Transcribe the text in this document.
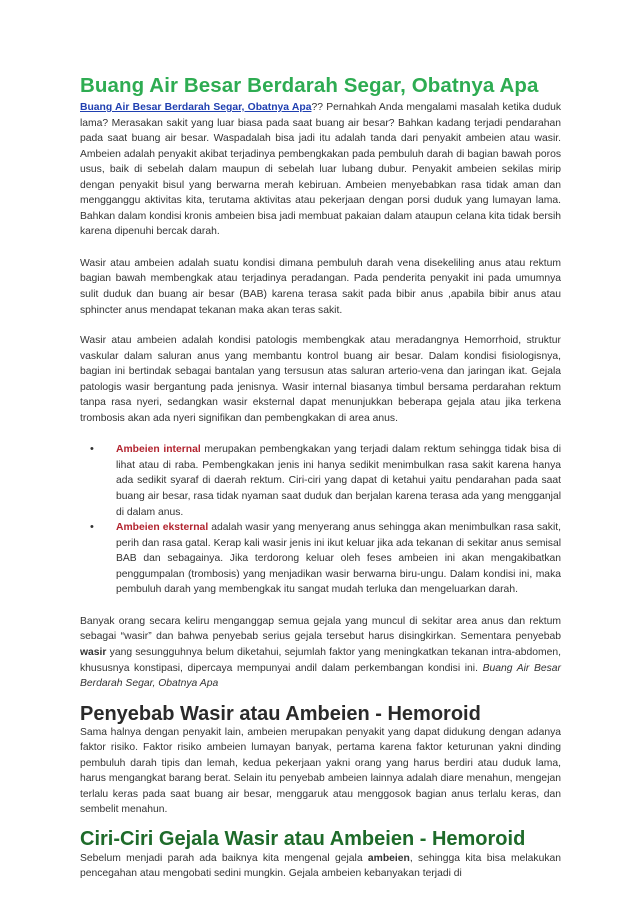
Buang Air Besar Berdarah Segar, Obatnya Apa

Buang Air Besar Berdarah Segar, Obatnya Apa?? Pernahkah Anda mengalami masalah ketika duduk lama? Merasakan sakit yang luar biasa pada saat buang air besar? Bahkan kadang terjadi pendarahan pada saat buang air besar. Waspadalah bisa jadi itu adalah tanda dari penyakit ambeien atau wasir. Ambeien adalah penyakit akibat terjadinya pembengkakan pada pembuluh darah di bagian bawah poros usus, baik di sebelah dalam maupun di sebelah luar lubang dubur. Penyakit ambeien sekilas mirip dengan penyakit bisul yang berwarna merah kebiruan. Ambeien menyebabkan rasa tidak aman dan mengganggu aktivitas kita, terutama aktivitas atau pekerjaan dengan porsi duduk yang lumayan lama. Bahkan dalam kondisi kronis ambeien bisa jadi membuat pakaian dalam ataupun celana kita tidak bersih karena dipenuhi bercak darah.

Wasir atau ambeien adalah suatu kondisi dimana pembuluh darah vena disekeliling anus atau rektum bagian bawah membengkak atau terjadinya peradangan. Pada penderita penyakit ini pada umumnya sulit duduk dan buang air besar (BAB) karena terasa sakit pada bibir anus ,apabila bibir anus atau sphincter anus mendapat tekanan maka akan teras sakit.

Wasir atau ambeien adalah kondisi patologis membengkak atau meradangnya Hemorrhoid, struktur vaskular dalam saluran anus yang membantu kontrol buang air besar. Dalam kondisi fisiologisnya, bagian ini bertindak sebagai bantalan yang tersusun atas saluran arterio-vena dan jaringan ikat. Gejala patologis wasir bergantung pada jenisnya. Wasir internal biasanya timbul bersama perdarahan rektum tanpa rasa nyeri, sedangkan wasir eksternal dapat menunjukkan beberapa gejala atau jika terkena trombosis akan ada nyeri signifikan dan pembengkakan di area anus.

• Ambeien internal merupakan pembengkakan yang terjadi dalam rektum sehingga tidak bisa di lihat atau di raba. Pembengkakan jenis ini hanya sedikit menimbulkan rasa sakit karena hanya ada sedikit syaraf di daerah rektum. Ciri-ciri yang dapat di ketahui yaitu pendarahan pada saat buang air besar, rasa tidak nyaman saat duduk dan berjalan karena terasa ada yang mengganjal di dalam anus.
• Ambeien eksternal adalah wasir yang menyerang anus sehingga akan menimbulkan rasa sakit, perih dan rasa gatal. Kerap kali wasir jenis ini ikut keluar jika ada tekanan di sekitar anus semisal BAB dan sebagainya. Jika terdorong keluar oleh feses ambeien ini akan mengakibatkan penggumpalan (trombosis) yang menjadikan wasir berwarna biru-ungu. Dalam kondisi ini, maka pembuluh darah yang membengkak itu sangat mudah terluka dan mengeluarkan darah.

Banyak orang secara keliru menganggap semua gejala yang muncul di sekitar area anus dan rektum sebagai “wasir” dan bahwa penyebab serius gejala tersebut harus disingkirkan. Sementara penyebab wasir yang sesungguhnya belum diketahui, sejumlah faktor yang meningkatkan tekanan intra-abdomen, khususnya konstipasi, dipercaya mempunyai andil dalam perkembangan kondisi ini. Buang Air Besar Berdarah Segar, Obatnya Apa

Penyebab Wasir atau Ambeien - Hemoroid

Sama halnya dengan penyakit lain, ambeien merupakan penyakit yang dapat didukung dengan adanya faktor risiko. Faktor risiko ambeien lumayan banyak, pertama karena faktor keturunan yakni dinding pembuluh darah tipis dan lemah, kedua pekerjaan yakni orang yang harus berdiri atau duduk lama, harus mengangkat barang berat. Selain itu penyebab ambeien lainnya adalah diare menahun, mengejan terlalu keras pada saat buang air besar, menggaruk atau menggosok bagian anus terlalu keras, dan sembelit menahun.

Ciri-Ciri Gejala Wasir atau Ambeien - Hemoroid

Sebelum menjadi parah ada baiknya kita mengenal gejala ambeien, sehingga kita bisa melakukan pencegahan atau mengobati sedini mungkin. Gejala ambeien kebanyakan terjadi di
